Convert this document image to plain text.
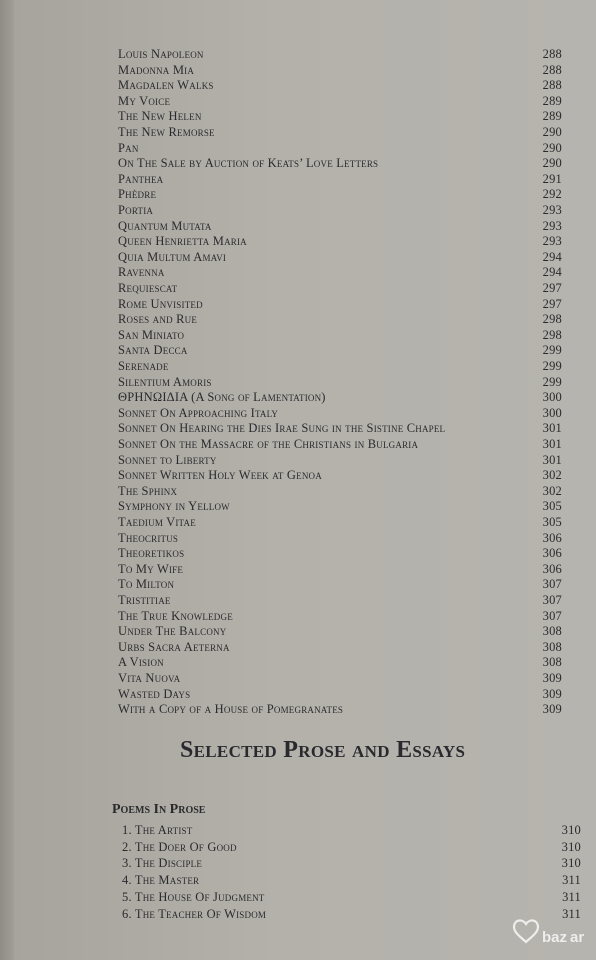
Louis Napoleon	288
Madonna Mia	288
Magdalen Walks	288
My Voice	289
The New Helen	289
The New Remorse	290
Pan	290
On The Sale by Auction of Keats’ Love Letters	290
Panthea	291
Phèdre	292
Portia	293
Quantum Mutata	293
Queen Henrietta Maria	293
Quia Multum Amavi	294
Ravenna	294
Requiescat	297
Rome Unvisited	297
Roses and Rue	298
San Miniato	298
Santa Decca	299
Serenade	299
Silentium Amoris	299
ΘΡΗΝΩΙΔΙΑ (A Song of Lamentation)	300
Sonnet On Approaching Italy	300
Sonnet On Hearing the Dies Irae Sung in the Sistine Chapel	301
Sonnet On the Massacre of the Christians in Bulgaria	301
Sonnet to Liberty	301
Sonnet Written Holy Week at Genoa	302
The Sphinx	302
Symphony in Yellow	305
Taedium Vitae	305
Theocritus	306
Theoretikos	306
To My Wife	306
To Milton	307
Tristitiae	307
The True Knowledge	307
Under The Balcony	308
Urbs Sacra Aeterna	308
A Vision	308
Vita Nuova	309
Wasted Days	309
With a Copy of a House of Pomegranates	309
Selected Prose and Essays
Poems In Prose
1. The Artist	310
2. The Doer Of Good	310
3. The Disciple	310
4. The Master	311
5. The House Of Judgment	311
6. The Teacher Of Wisdom	311
baz ar
